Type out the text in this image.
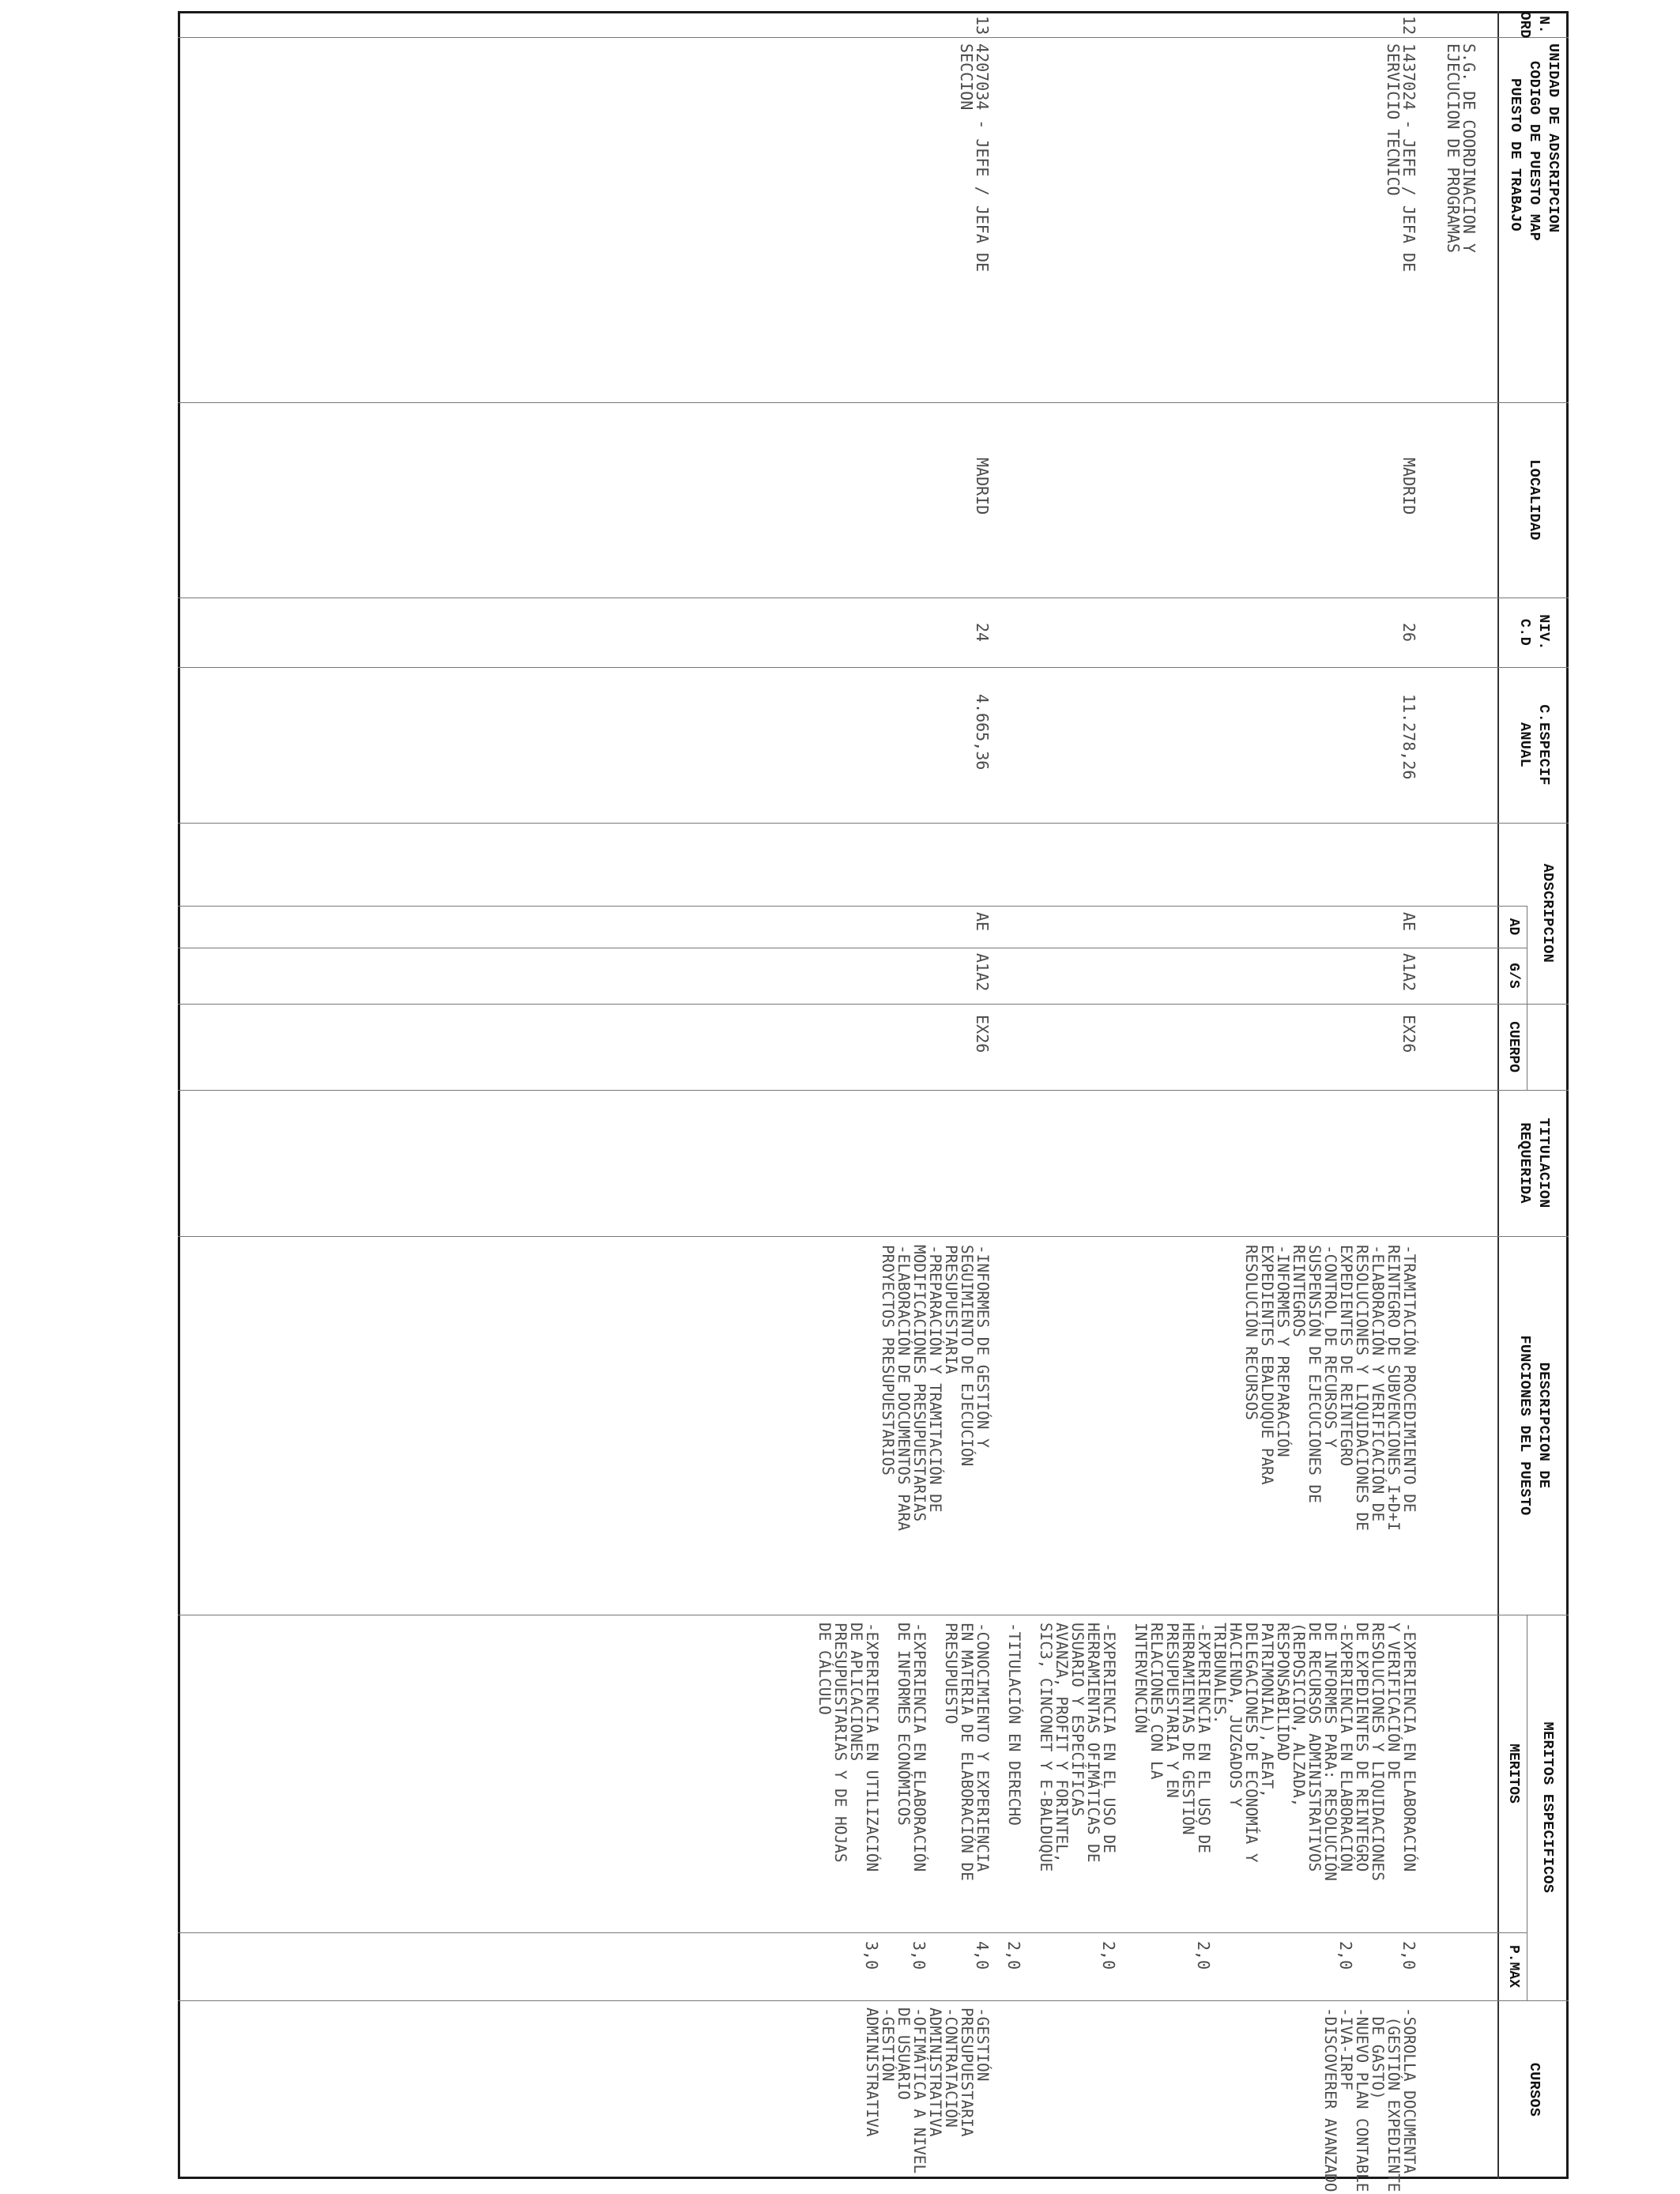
N.
ORD
UNIDAD DE ADSCRIPCION
CODIGO DE PUESTO MAP
PUESTO DE TRABAJO
LOCALIDAD
NIV.
C.D
C.ESPECIF
ANUAL
ADSCRIPCION
AD
G/S
CUERPO
TITULACION
REQUERIDA
DESCRIPCION DE
FUNCIONES DEL PUESTO
MERITOS ESPECIFICOS
MERITOS
P.MAX
CURSOS
S.G. DE COORDINACION Y
EJECUCION DE PROGRAMAS
12
1437024 - JEFE / JEFA DE
SERVICIO TECNICO
MADRID
26
11.278,26
AE
A1A2
EX26
-TRAMITACIÓN PROCEDIMIENTO DE
REINTEGRO DE SUBVENCIONES I+D+I
-ELABORACIÓN Y VERIFICACIÓN DE
RESOLUCIONES Y LIQUIDACIONES DE
EXPEDIENTES DE REINTEGRO
-CONTROL DE RECURSOS Y
SUSPENSIÓN DE EJECUCIONES DE
REINTEGROS
-INFORMES Y PREPARACIÓN
EXPEDIENTES EBALDUQUE PARA
RESOLUCIÓN RECURSOS
-EXPERIENCIA EN ELABORACIÓN
Y VERIFICACIÓN DE
RESOLUCIONES Y LIQUIDACIONES
DE EXPEDIENTES DE REINTEGRO
2,0
-EXPERIENCIA EN ELABORACIÓN
DE INFORMES PARA: RESOLUCIÓN
DE RECURSOS ADMINISTRATIVOS
(REPOSICIÓN, ALZADA,
RESPONSABILIDAD
PATRIMONIAL), AEAT,
DELEGACIONES DE ECONOMÍA Y
HACIENDA, JUZGADOS Y
TRIBUNALES.
2,0
-EXPERIENCIA EN EL USO DE
HERRAMIENTAS DE GESTIÓN
PRESUPUESTARIA Y EN
RELACIONES CON LA
INTERVENCIÓN
2,0
-EXPERIENCIA EN EL USO DE
HERRAMIENTAS OFIMÁTICAS DE
USUARIO Y ESPECÍFICAS
AVANZA, PROFIT Y FORINTEL,
SIC3, CINCONET Y E-BALDUQUE
2,0
-TITULACIÓN EN DERECHO
2,0
-SOROLLA DOCUMENTA
(GESTIÓN EXPEDIENTE
DE GASTO)
-NUEVO PLAN CONTABLE
-IVA-IRPF
-DISCOVERER AVANZADO
13
4207034 - JEFE / JEFA DE
SECCION
MADRID
24
4.665,36
AE
A1A2
EX26
-INFORMES DE GESTIÓN Y
SEGUIMIENTO DE EJECUCIÓN
PRESUPUESTARIA
-PREPARACIÓN Y TRAMITACIÓN DE
MODIFICACIONES PRESUPUESTARIAS
-ELABORACIÓN DE DOCUMENTOS PARA
PROYECTOS PRESUPUESTARIOS
-CONOCIMIENTO Y EXPERIENCIA
EN MATERIA DE ELABORACIÓN DE
PRESUPUESTO
4,0
-EXPERIENCIA EN ELABORACIÓN
DE INFORMES ECONÓMICOS
3,0
-EXPERIENCIA EN UTILIZACIÓN
DE APLICACIONES
PRESUPUESTARIAS Y DE HOJAS
DE CÁLCULO
3,0
-GESTIÓN
PRESUPUESTARIA
-CONTRATACIÓN
ADMINISTRATIVA
-OFIMÁTICA A NIVEL
DE USUARIO
-GESTIÓN
ADMINISTRATIVA
